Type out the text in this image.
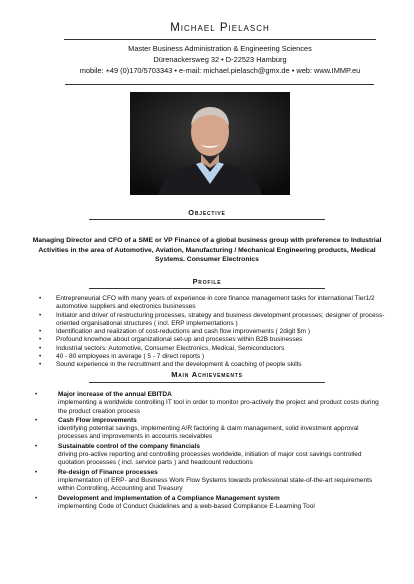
Michael Pielasch
Master Business Administration & Engineering Sciences
Dürenackersweg 32 • D-22523 Hamburg
mobile: +49 (0)170/5703343 • e-mail: michael.pielasch@gmx.de • web: www.IMMP.eu
Objective
Managing Director and CFO of a SME or VP Finance of a global business group with preference to Industrial Activities in the area of Automotive, Aviation, Manufacturing / Mechanical Engineering products, Medical Systems. Consumer Electronics
Profile
• Entrepreneurial CFO with many years of experience in core finance management tasks for international Tier1/2 automotive suppliers and electronics businesses
• Initiator and driver of restructuring processes, strategy and business development processes; designer of process-oriented organisational structures ( incl. ERP implementations )
• Identification and realization of cost-reductions and cash flow improvements ( 2digit $m )
• Profound knowhow about organizational set-up and processes within B2B businesses
• Industrial sectors: Automotive, Consumer Electronics, Medical, Semiconductors
• 40 - 80 employees in average ( 5 - 7 direct reports )
• Sound experience in the recruitment and the development & coaching of people skills
Main Achievements
•	Major increase of the annual EBITDA
implementing a worldwide controlling IT tool in order to monitor pro-actively the project and product costs during the product creation process
•	Cash Flow improvements
identifying potential savings, implementing A/R factoring & claim management, solid investment approval processes and improvements in accounts receivables
•	Sustainable control of the company financials
driving pro-active reporting and controlling processes worldwide, initiation of major cost savings controlled quotation processes ( incl. service parts ) and headcount reductions
•	Re-design of Finance processes
implementation of ERP- and Business Work Flow Systems towards professional state-of-the-art requirements within Controlling, Accounting and Treasury
•	Development and implementation of a Compliance Management system
implementing Code of Conduct Guidelines and a web-based Compliance E-Learning Tool
